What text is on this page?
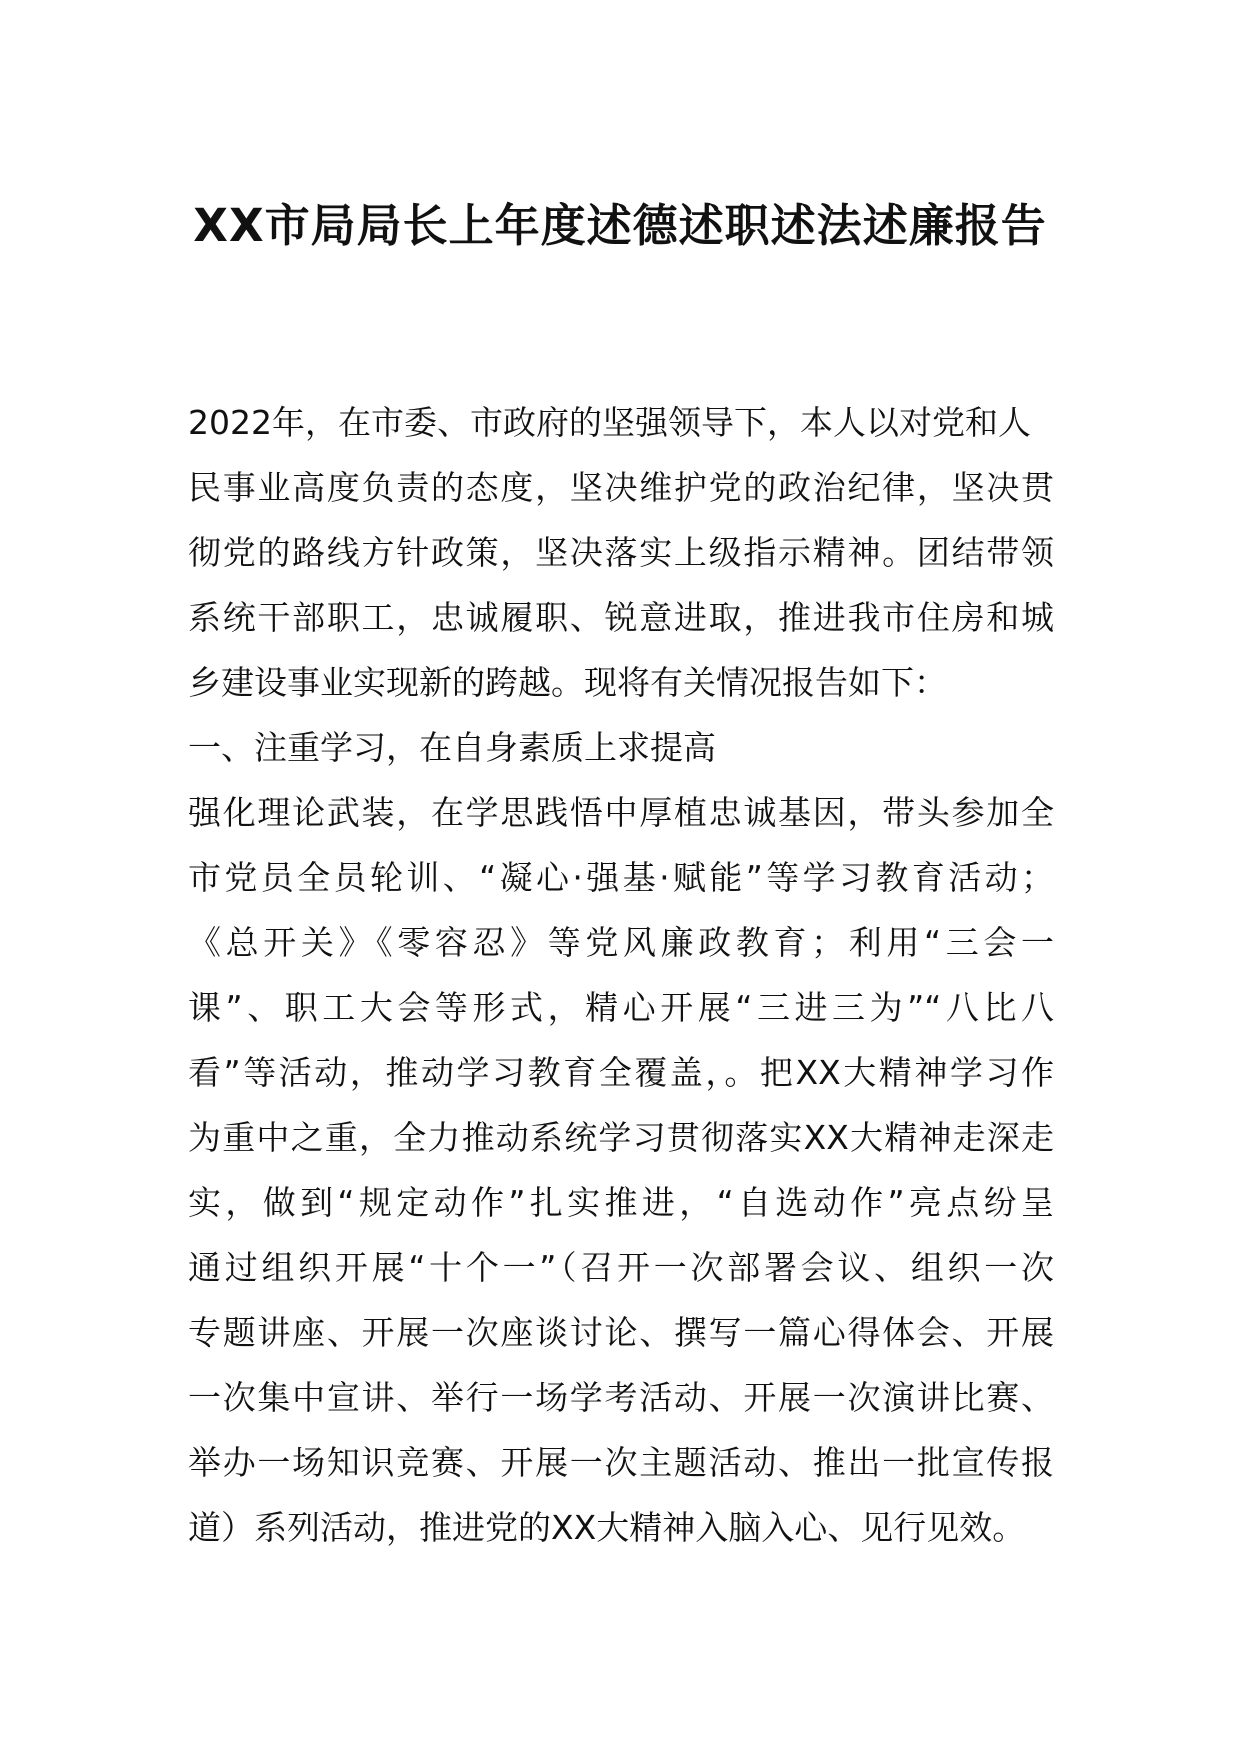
XX市局局长上年度述德述职述法述廉报告
2022年，在市委、市政府的坚强领导下，本人以对党和人
民事业高度负责的态度，坚决维护党的政治纪律，坚决贯
彻党的路线方针政策，坚决落实上级指示精神。团结带领
系统干部职工，忠诚履职、锐意进取，推进我市住房和城
乡建设事业实现新的跨越。现将有关情况报告如下：
一、注重学习，在自身素质上求提高
强化理论武装，在学思践悟中厚植忠诚基因，带头参加全
市党员全员轮训、“凝心·强基·赋能”等学习教育活动；
《总开关》《零容忍》等党风廉政教育；利用“三会一
课”、职工大会等形式，精心开展“三进三为”“八比八
看”等活动，推动学习教育全覆盖，。把XX大精神学习作
为重中之重，全力推动系统学习贯彻落实XX大精神走深走
实，做到“规定动作”扎实推进，“自选动作”亮点纷呈
通过组织开展“十个一”（召开一次部署会议、组织一次
专题讲座、开展一次座谈讨论、撰写一篇心得体会、开展
一次集中宣讲、举行一场学考活动、开展一次演讲比赛、
举办一场知识竞赛、开展一次主题活动、推出一批宣传报
道）系列活动，推进党的XX大精神入脑入心、见行见效。
